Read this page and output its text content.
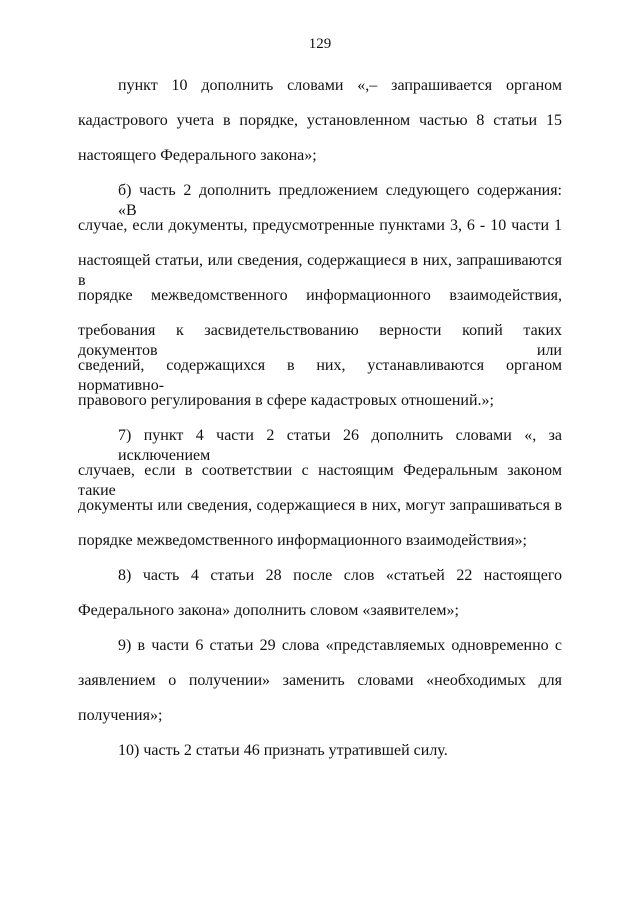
129
пункт 10 дополнить словами «,– запрашивается органом
кадастрового учета в порядке, установленном частью 8 статьи 15
настоящего Федерального закона»;
б) часть 2 дополнить предложением следующего содержания: «В
случае, если документы, предусмотренные пунктами 3, 6 - 10 части 1
настоящей статьи, или сведения, содержащиеся в них, запрашиваются в
порядке межведомственного информационного взаимодействия,
требования к засвидетельствованию верности копий таких документов или
сведений, содержащихся в них, устанавливаются органом нормативно-
правового регулирования в сфере кадастровых отношений.»;
7) пункт 4 части 2 статьи 26 дополнить словами «, за исключением
случаев, если в соответствии с настоящим Федеральным законом такие
документы или сведения, содержащиеся в них, могут запрашиваться в
порядке межведомственного информационного взаимодействия»;
8) часть 4 статьи 28 после слов «статьей 22 настоящего
Федерального закона» дополнить словом «заявителем»;
9) в части 6 статьи 29 слова «представляемых одновременно с
заявлением о получении» заменить словами «необходимых для
получения»;
10) часть 2 статьи 46 признать утратившей силу.
